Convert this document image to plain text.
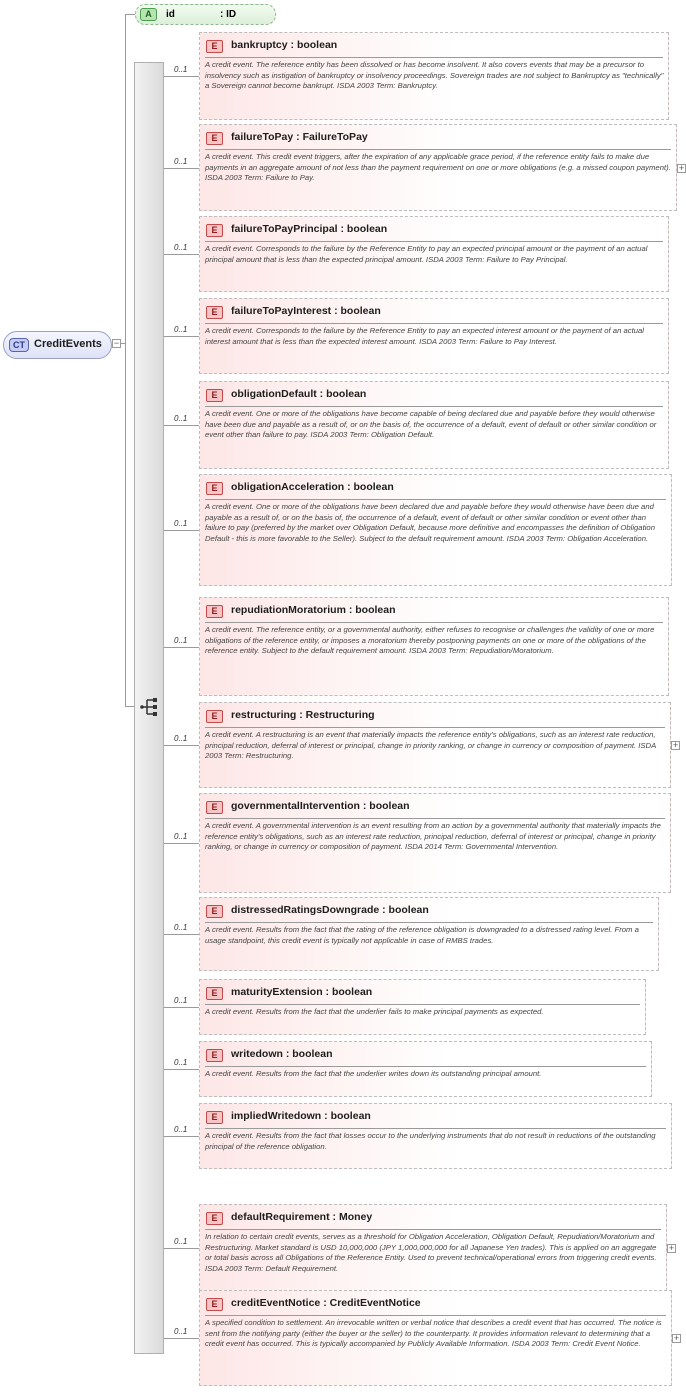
CT CreditEvents −
A	id	: ID
0..1
E	bankruptcy : boolean
A credit event. The reference entity has been dissolved or has become insolvent. It also covers events that may be a precursor to insolvency such as instigation of bankruptcy or insolvency proceedings. Sovereign trades are not subject to Bankruptcy as "technically" a Sovereign cannot become bankrupt. ISDA 2003 Term: Bankruptcy.
0..1
E	failureToPay : FailureToPay
A credit event. This credit event triggers, after the expiration of any applicable grace period, if the reference entity fails to make due payments in an aggregate amount of not less than the payment requirement on one or more obligations (e.g. a missed coupon payment). ISDA 2003 Term: Failure to Pay.
+
0..1
E	failureToPayPrincipal : boolean
A credit event. Corresponds to the failure by the Reference Entity to pay an expected principal amount or the payment of an actual principal amount that is less than the expected principal amount. ISDA 2003 Term: Failure to Pay Principal.
0..1
E	failureToPayInterest : boolean
A credit event. Corresponds to the failure by the Reference Entity to pay an expected interest amount or the payment of an actual interest amount that is less than the expected interest amount. ISDA 2003 Term: Failure to Pay Interest.
0..1
E	obligationDefault : boolean
A credit event. One or more of the obligations have become capable of being declared due and payable before they would otherwise have been due and payable as a result of, or on the basis of, the occurrence of a default, event of default or other similar condition or event other than failure to pay. ISDA 2003 Term: Obligation Default.
0..1
E	obligationAcceleration : boolean
A credit event. One or more of the obligations have been declared due and payable before they would otherwise have been due and payable as a result of, or on the basis of, the occurrence of a default, event of default or other similar condition or event other than failure to pay (preferred by the market over Obligation Default, because more definitive and encompasses the definition of Obligation Default - this is more favorable to the Seller). Subject to the default requirement amount. ISDA 2003 Term: Obligation Acceleration.
0..1
E	repudiationMoratorium : boolean
A credit event. The reference entity, or a governmental authority, either refuses to recognise or challenges the validity of one or more obligations of the reference entity, or imposes a moratorium thereby postponing payments on one or more of the obligations of the reference entity. Subject to the default requirement amount. ISDA 2003 Term: Repudiation/Moratorium.
0..1
E	restructuring : Restructuring
A credit event. A restructuring is an event that materially impacts the reference entity's obligations, such as an interest rate reduction, principal reduction, deferral of interest or principal, change in priority ranking, or change in currency or composition of payment. ISDA 2003 Term: Restructuring.
+
0..1
E	governmentalIntervention : boolean
A credit event. A governmental intervention is an event resulting from an action by a governmental authority that materially impacts the reference entity's obligations, such as an interest rate reduction, principal reduction, deferral of interest or principal, change in priority ranking, or change in currency or composition of payment. ISDA 2014 Term: Governmental Intervention.
0..1
E	distressedRatingsDowngrade : boolean
A credit event. Results from the fact that the rating of the reference obligation is downgraded to a distressed rating level. From a usage standpoint, this credit event is typically not applicable in case of RMBS trades.
0..1
E	maturityExtension : boolean
A credit event. Results from the fact that the underlier fails to make principal payments as expected.
0..1
E	writedown : boolean
A credit event. Results from the fact that the underlier writes down its outstanding principal amount.
0..1
E	impliedWritedown : boolean
A credit event. Results from the fact that losses occur to the underlying instruments that do not result in reductions of the outstanding principal of the reference obligation.
0..1
E	defaultRequirement : Money
In relation to certain credit events, serves as a threshold for Obligation Acceleration, Obligation Default, Repudiation/Moratorium and Restructuring. Market standard is USD 10,000,000 (JPY 1,000,000,000 for all Japanese Yen trades). This is applied on an aggregate or total basis across all Obligations of the Reference Entity. Used to prevent technical/operational errors from triggering credit events. ISDA 2003 Term: Default Requirement.
+
0..1
E	creditEventNotice : CreditEventNotice
A specified condition to settlement. An irrevocable written or verbal notice that describes a credit event that has occurred. The notice is sent from the notifying party (either the buyer or the seller) to the counterparty. It provides information relevant to determining that a credit event has occurred. This is typically accompanied by Publicly Available Information. ISDA 2003 Term: Credit Event Notice.
+
